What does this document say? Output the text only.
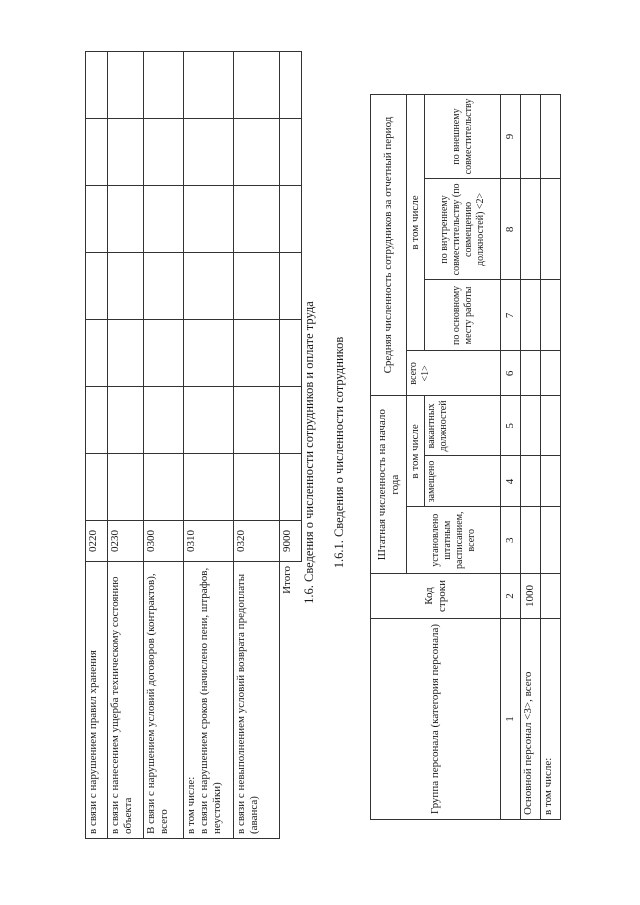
в связи с нарушением правил хранения	0220							
в связи с нанесением ущерба техническому состоянию объекта	0230							
В связи с нарушением условий договоров (контрактов), всего	0300							
в том числе:
в связи с нарушением сроков (начислено пени, штрафов, неустойки)	0310							
в связи с невыполнением условий возврата предоплаты (аванса)	0320							
Итого	9000							1.6. Сведения о численности сотрудников и оплате труда 1.6.1. Сведения о численности сотрудников
Группа персонала (категория персонала)	Код строки	Штатная численность на начало года			Средняя численность сотрудников за отчетный период			
		установлено штатным расписанием, всего	в том числе		всего <1>	в том числе		
			замещено	вакантных должностей		по основному месту работы	по внутреннему совместительству (по совмещению должностей) <2>	по внешнему совместительству
1	2	3	4	5	6	7	8	9
Основной персонал <3>, всего	1000							
в том числе:								
